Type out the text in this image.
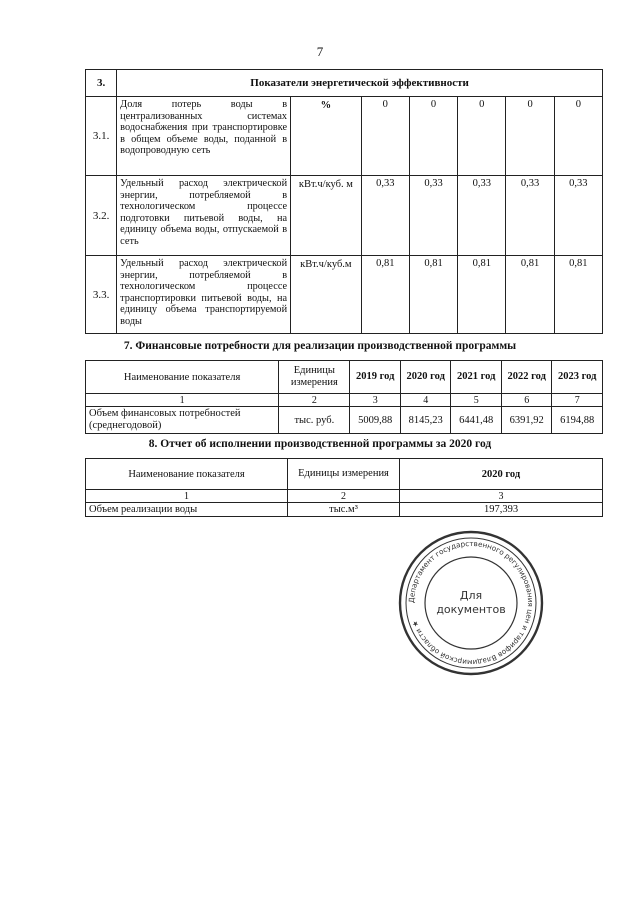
7
3.	Показатели энергетической эффективности						
3.1.	Доля потерь воды в централизованных системах водоснабжения при транспортировке в общем объеме воды, поданной в водопроводную сеть	%	0	0	0	0	0
3.2.	Удельный расход электрической энергии, потребляемой в технологическом процессе подготовки питьевой воды, на единицу объема воды, отпускаемой в сеть	кВт.ч/куб. м	0,33	0,33	0,33	0,33	0,33
3.3.	Удельный расход электрической энергии, потребляемой в технологическом процессе транспортировки питьевой воды, на единицу объема транспортируемой воды	кВт.ч/куб.м	0,81	0,81	0,81	0,81	0,81
7. Финансовые потребности для реализации производственной программы
Наименование показателя	Единицы измерения	2019 год	2020 год	2021 год	2022 год	2023 год
1	2	3	4	5	6	7
Объем финансовых потребностей (среднегодовой)	тыс. руб.	5009,88	8145,23	6441,48	6391,92	6194,88
8. Отчет об исполнении производственной программы за 2020 год
Наименование показателя	Единицы измерения	2020 год
1	2	3
Объем реализации воды	тыс.м³	197,393
Департамент государственного регулирования цен и тарифов Владимирской области ★
Для
документов
